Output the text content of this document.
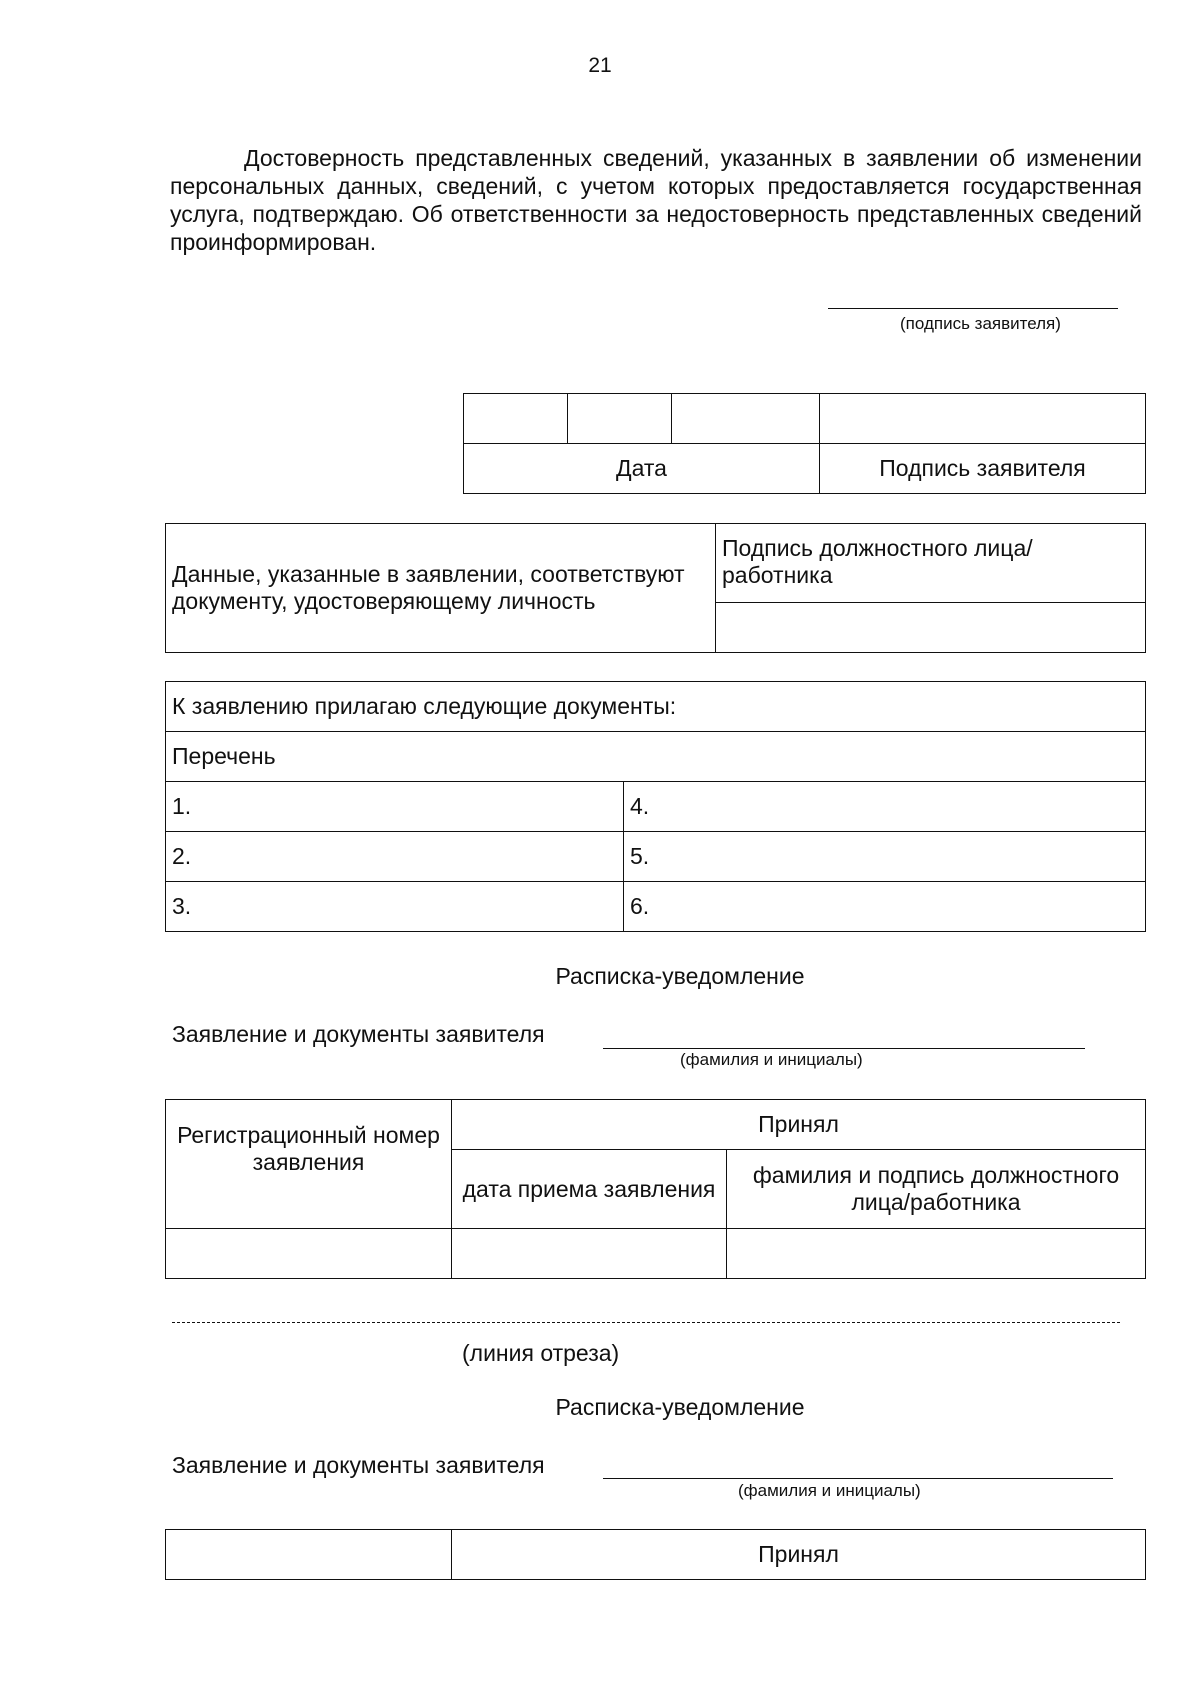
21

Достоверность представленных сведений, указанных в заявлении об изменении персональных данных, сведений, с учетом которых предоставляется государственная услуга, подтверждаю. Об ответственности за недостоверность представленных сведений проинформирован.

(подпись заявителя)

Дата			Подпись заявителя
Данные, указанные в заявлении, соответствуют документу, удостоверяющему личность	Подпись должностного лица/работника

К заявлению прилагаю следующие документы:	
Перечень	
1.	4.
2.	5.
3.	6.
Расписка-уведомление
Заявление и документы заявителя
(фамилия и инициалы)
Регистрационный номер заявления	Принял	
	дата приема заявления	фамилия и подпись должностного лица/работника

(линия отреза)
Расписка-уведомление
Заявление и документы заявителя
(фамилия и инициалы)
	Принял
